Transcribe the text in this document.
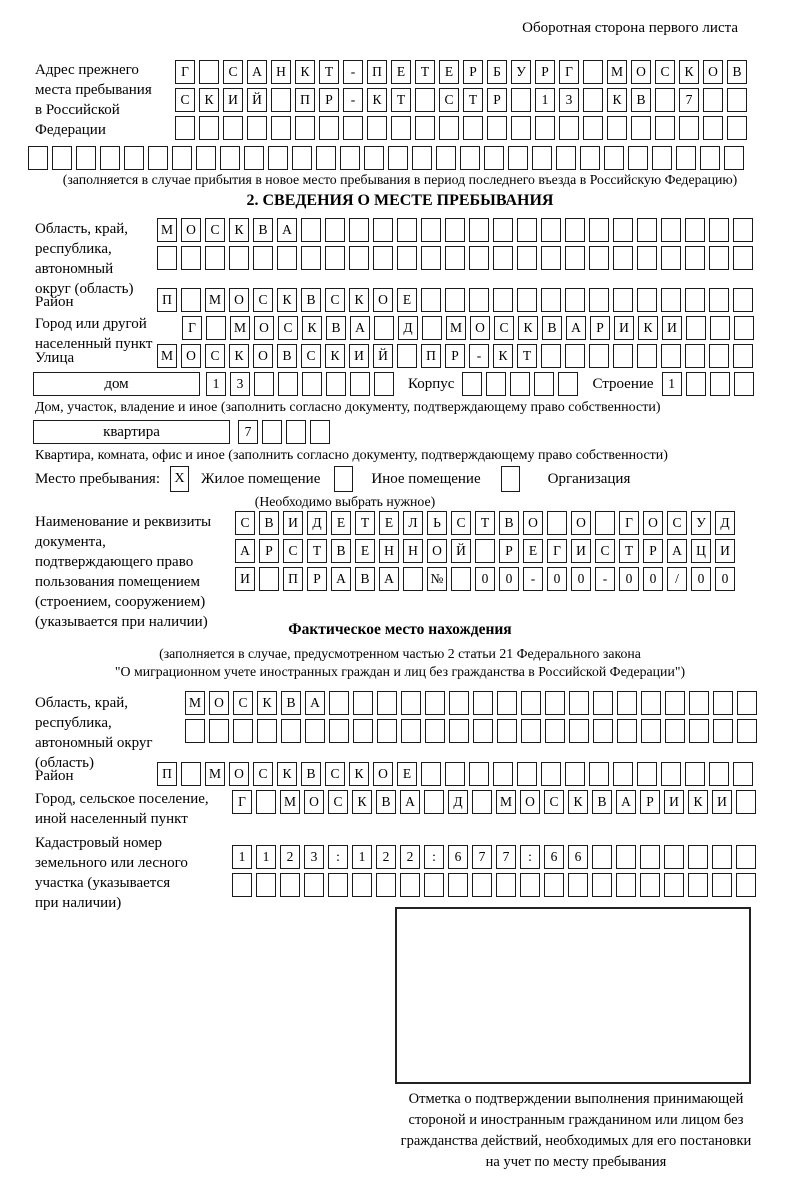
Оборотная сторона первого листа
Адрес прежнего места пребывания в Российской Федерации
Г	С	А	Н	К	Т	-	П	Е	Т	Е	Р	Б	У	Р	Г	М О	С	К	О	В
С	К	И	Й	П	Р	-	К	Т	С	Т	Р	1	3	К	В	7
(заполняется в случае прибытия в новое место пребывания в период последнего въезда в Российскую Федерацию)
2. СВЕДЕНИЯ О МЕСТЕ ПРЕБЫВАНИЯ
Область, край, республика, автономный округ (область)
М О	С	К	В	А
Район	П	М О	С	К	В	С	К	О	Е
Город или другой населенный пункт
Г	М О	С	К	В	А	Д	М О	С	К	В	А	Р	И	К	И
Улица	М О	С	К	О	В	С	К	И	Й	П	Р	-	К	Т
дом	1	3	Корпус	Строение	1
Дом, участок, владение и иное (заполнить согласно документу, подтверждающему право собственности)
квартира	7
Квартира, комната, офис и иное (заполнить согласно документу, подтверждающему право собственности)
Место пребывания:	X Жилое помещение	Иное помещение	Организация
(Необходимо выбрать нужное)
Наименование и реквизиты документа, подтверждающего право пользования помещением (строением, сооружением) (указывается при наличии)
С	В	И	Д	Е	Т	Е	Л	Ь	С	Т	В	О	О	Г	О	С	У	Д
А	Р	С	Т	В	Е	Н	Н	О	Й	Р	Е	Г	И	С	Т	Р	А	Ц	И
И	П	Р	А	В	А	№	0	0	-	0	0	-	0	0	/	0	0
Фактическое место нахождения
(заполняется в случае, предусмотренном частью 2 статьи 21 Федерального закона
"О миграционном учете иностранных граждан и лиц без гражданства в Российской Федерации")
Область, край, республика, автономный округ (область)
М О	С	К	В	А
Район	П	М О	С	К	В	С	К	О	Е
Город, сельское поселение, иной населенный пункт
Г	М О	С	К	В	А	Д	М О	С	К	В	А	Р	И	К	И
Кадастровый номер земельного или лесного участка (указывается при наличии)
1	1	2	3	:	1	2	2	:	6	7	7	:	6	6
Отметка о подтверждении выполнения принимающей
стороной и иностранным гражданином или лицом без
гражданства действий, необходимых для его постановки
на учет по месту пребывания
